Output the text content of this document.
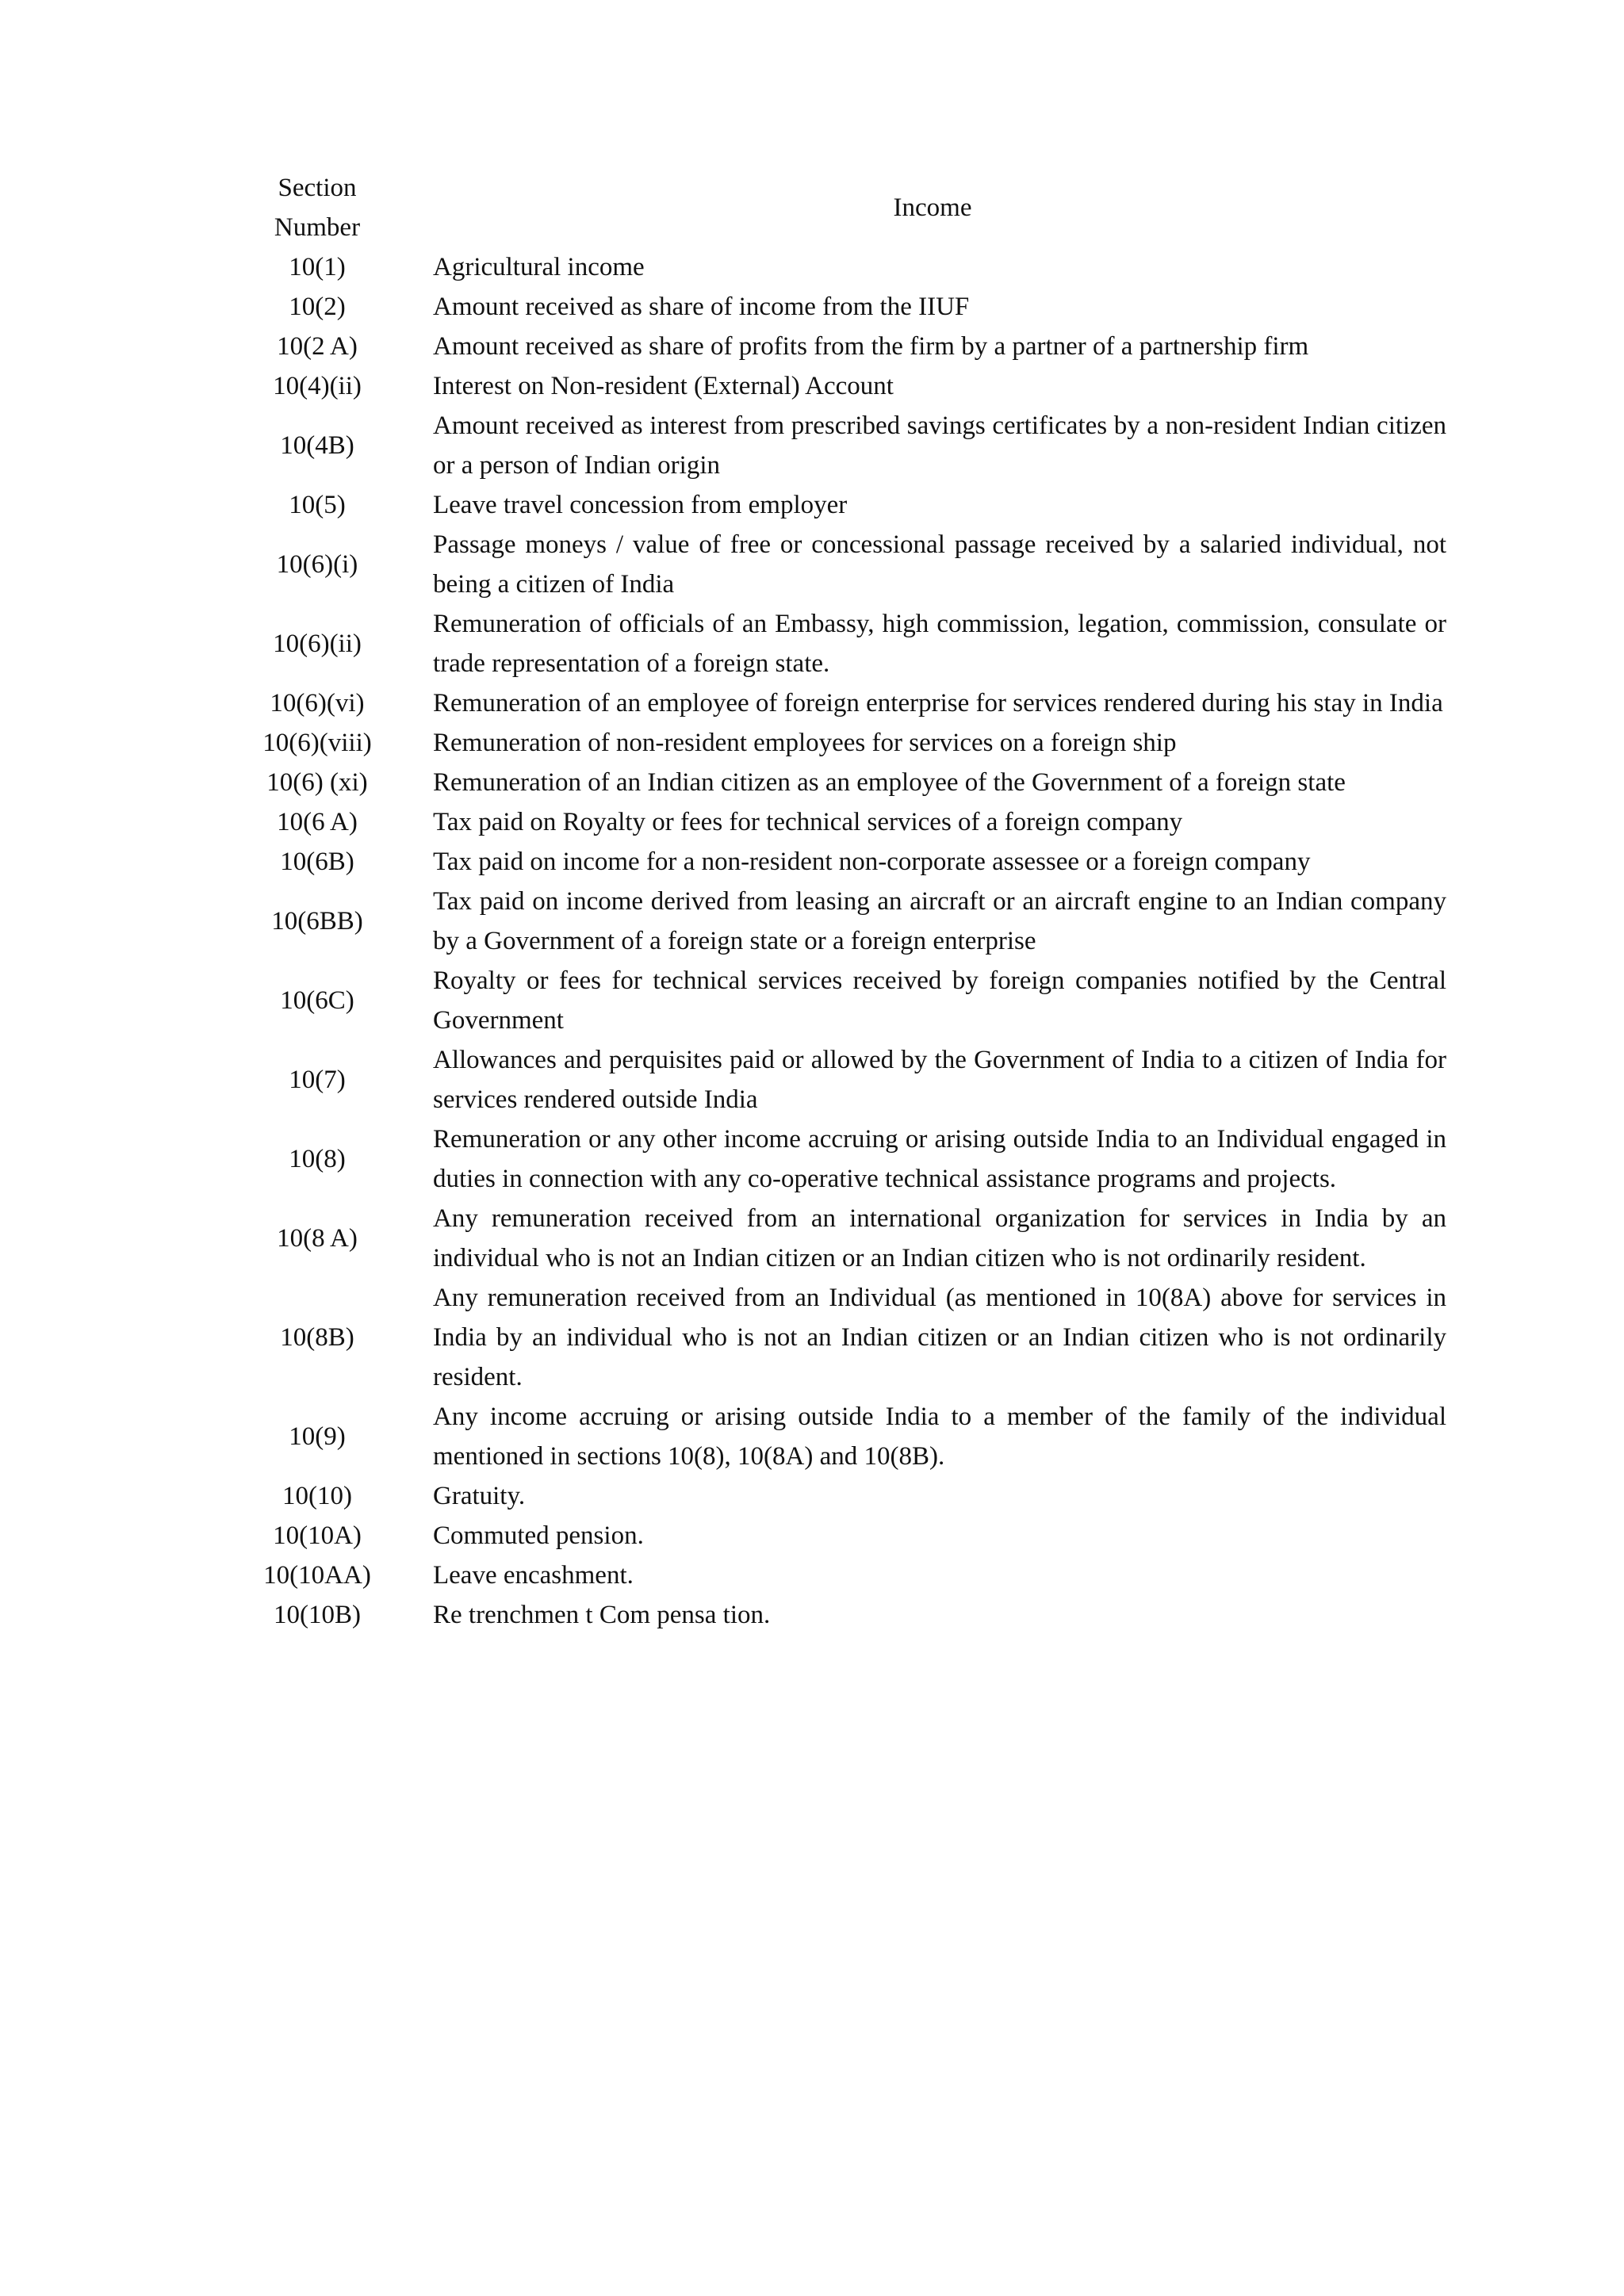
Section Number	Income
10(1)	Agricultural income
10(2)	Amount received as share of income from the IIUF
10(2 A)	Amount received as share of profits from the firm by a partner of a partnership firm
10(4)(ii)	Interest on Non-resident (External) Account
10(4B)	Amount received as interest from prescribed savings certificates by a non-resident Indian citizen or a person of Indian origin
10(5)	Leave travel concession from employer
10(6)(i)	Passage moneys / value of free or concessional passage received by a salaried individual, not being a citizen of India
10(6)(ii)	Remuneration of officials of an Embassy, high commission, legation, commission, consulate or trade representation of a foreign state.
10(6)(vi)	Remuneration of an employee of foreign enterprise for services rendered during his stay in India
10(6)(viii)	Remuneration of non-resident employees for services on a foreign ship
10(6) (xi)	Remuneration of an Indian citizen as an employee of the Government of a foreign state
10(6 A)	Tax paid on Royalty or fees for technical services of a foreign company
10(6B)	Tax paid on income for a non-resident non-corporate assessee or a foreign company
10(6BB)	Tax paid on income derived from leasing an aircraft or an aircraft engine to an Indian company by a Government of a foreign state or a foreign enterprise
10(6C)	Royalty or fees for technical services received by foreign companies notified by the Central Government
10(7)	Allowances and perquisites paid or allowed by the Government of India to a citizen of India for services rendered outside India
10(8)	Remuneration or any other income accruing or arising outside India to an Individual engaged in duties in connection with any co-operative technical assistance programs and projects.
10(8 A)	Any remuneration received from an international organization for services in India by an individual who is not an Indian citizen or an Indian citizen who is not ordinarily resident.
10(8B)	Any remuneration received from an Individual (as mentioned in 10(8A) above for services in India by an individual who is not an Indian citizen or an Indian citizen who is not ordinarily resident.
10(9)	Any income accruing or arising outside India to a member of the family of the individual mentioned in sections 10(8), 10(8A) and 10(8B).
10(10)	Gratuity.
10(10A)	Commuted pension.
10(10AA)	Leave encashment.
10(10B)	Re trenchmen t Com pensa tion.
